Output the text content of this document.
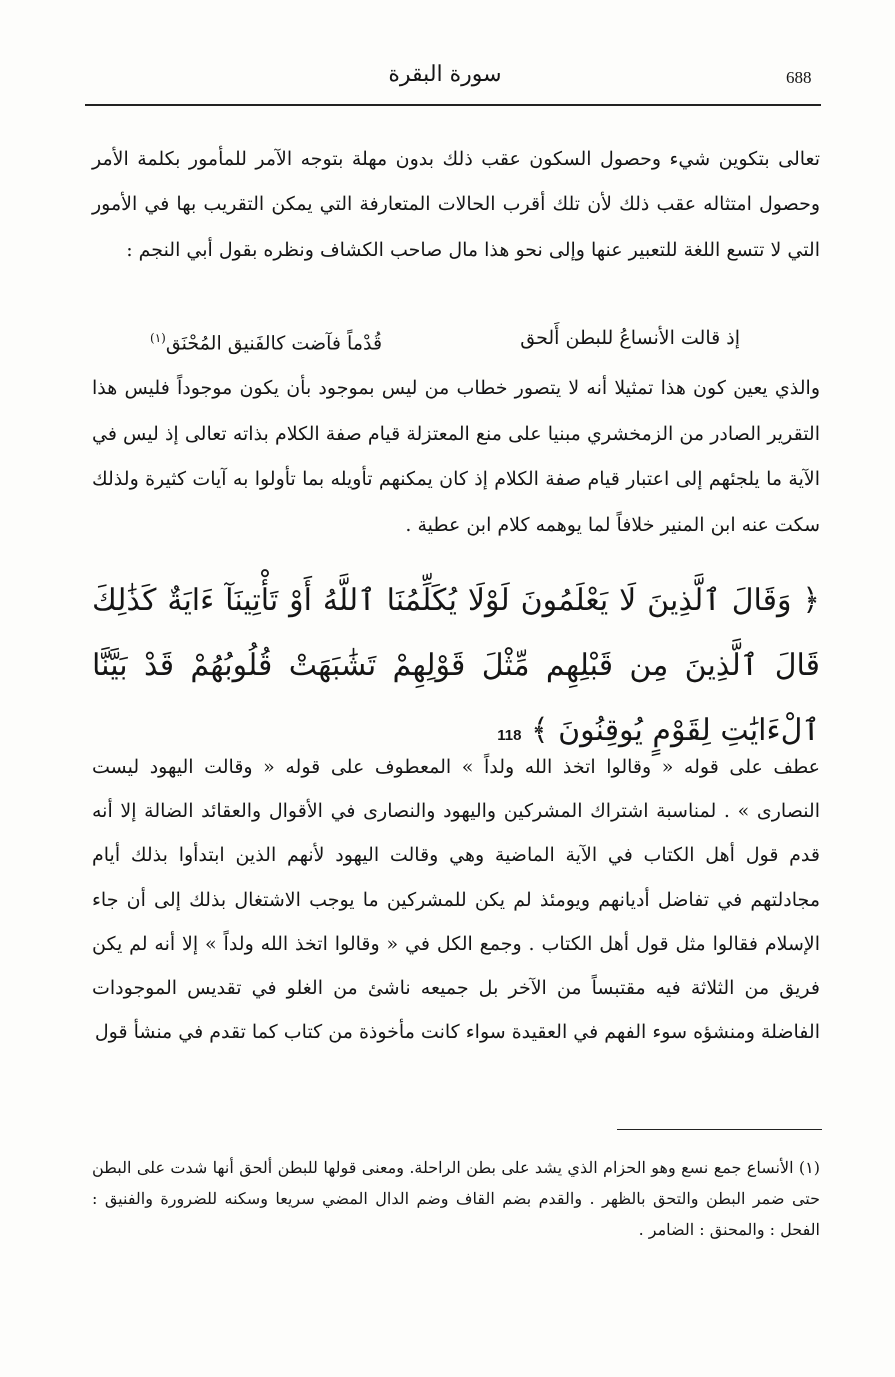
688
سورة البقرة
تعالى بتكوين شيء وحصول السكون عقب ذلك بدون مهلة بتوجه الآمر للمأمور بكلمة الأمر وحصول امتثاله عقب ذلك لأن تلك أقرب الحالات المتعارفة التي يمكن التقريب بها في الأمور التي لا تتسع اللغة للتعبير عنها وإلى نحو هذا مال صاحب الكشاف ونظره بقول أبي النجم :
إذ قالت الأنساعُ للبطن أَلحق
قُدْماً فآضت كالفَنيق المُحْنَق$^{(١)}$
والذي يعين كون هذا تمثيلا أنه لا يتصور خطاب من ليس بموجود بأن يكون موجوداً فليس هذا التقرير الصادر من الزمخشري مبنيا على منع المعتزلة قيام صفة الكلام بذاته تعالى إذ ليس في الآية ما يلجئهم إلى اعتبار قيام صفة الكلام إذ كان يمكنهم تأويله بما تأولوا به آيات كثيرة ولذلك سكت عنه ابن المنير خلافاً لما يوهمه كلام ابن عطية .
﴿ وَقَالَ ٱلَّذِينَ لَا يَعْلَمُونَ لَوْلَا يُكَلِّمُنَا ٱللَّهُ أَوْ تَأْتِينَآ ءَايَةٌ كَذَٰلِكَ قَالَ ٱلَّذِينَ مِن قَبْلِهِم مِّثْلَ قَوْلِهِمْ تَشَٰبَهَتْ قُلُوبُهُمْ قَدْ بَيَّنَّا ٱلْءَايَٰتِ لِقَوْمٍ يُوقِنُونَ ﴾ 118
عطف على قوله « وقالوا اتخذ الله ولداً » المعطوف على قوله « وقالت اليهود ليست النصارى » . لمناسبة اشتراك المشركين واليهود والنصارى في الأقوال والعقائد الضالة إلا أنه قدم قول أهل الكتاب في الآية الماضية وهي وقالت اليهود لأنهم الذين ابتدأوا بذلك أيام مجادلتهم في تفاضل أديانهم ويومئذ لم يكن للمشركين ما يوجب الاشتغال بذلك إلى أن جاء الإسلام فقالوا مثل قول أهل الكتاب . وجمع الكل في « وقالوا اتخذ الله ولداً » إلا أنه لم يكن فريق من الثلاثة فيه مقتبساً من الآخر بل جميعه ناشئ من الغلو في تقديس الموجودات الفاضلة ومنشؤه سوء الفهم في العقيدة سواء كانت مأخوذة من كتاب كما تقدم في منشأ قول
(١) الأنساع جمع نسع وهو الحزام الذي يشد على بطن الراحلة. ومعنى قولها للبطن ألحق أنها شدت على البطن حتى ضمر البطن والتحق بالظهر . والقدم بضم القاف وضم الدال المضي سريعا وسكنه للضرورة والفنيق : الفحل : والمحنق : الضامر .
